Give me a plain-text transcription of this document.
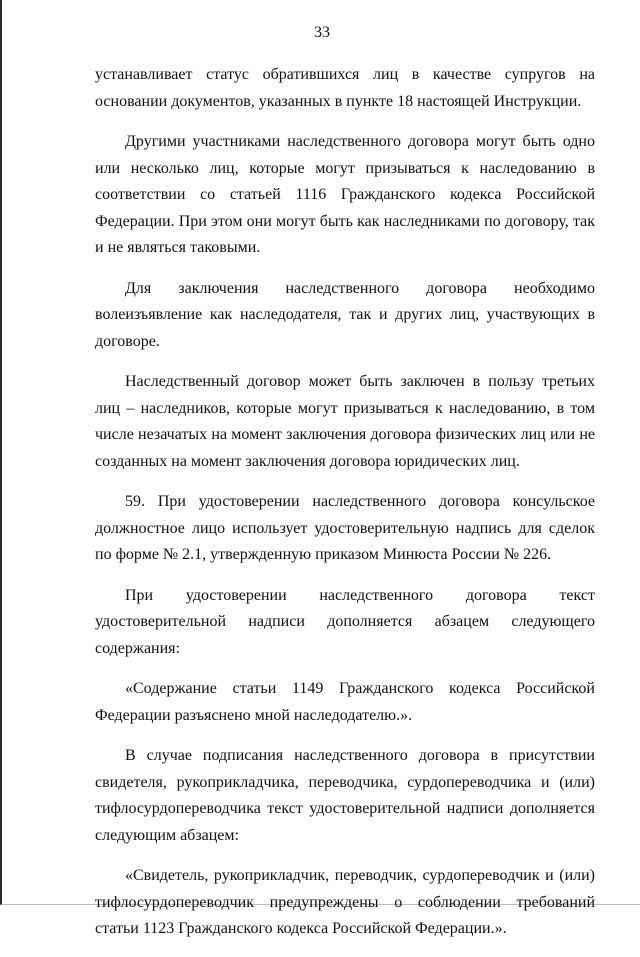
33

устанавливает статус обратившихся лиц в качестве супругов на основании документов, указанных в пункте 18 настоящей Инструкции.

Другими участниками наследственного договора могут быть одно или несколько лиц, которые могут призываться к наследованию в соответствии со статьей 1116 Гражданского кодекса Российской Федерации. При этом они могут быть как наследниками по договору, так и не являться таковыми.

Для заключения наследственного договора необходимо волеизъявление как наследодателя, так и других лиц, участвующих в договоре.

Наследственный договор может быть заключен в пользу третьих лиц – наследников, которые могут призываться к наследованию, в том числе незачатых на момент заключения договора физических лиц или не созданных на момент заключения договора юридических лиц.

59. При удостоверении наследственного договора консульское должностное лицо использует удостоверительную надпись для сделок по форме № 2.1, утвержденную приказом Минюста России № 226.

При удостоверении наследственного договора текст удостоверительной надписи дополняется абзацем следующего содержания:

«Содержание статьи 1149 Гражданского кодекса Российской Федерации разъяснено мной наследодателю.».

В случае подписания наследственного договора в присутствии свидетеля, рукоприкладчика, переводчика, сурдопереводчика и (или) тифлосурдопереводчика текст удостоверительной надписи дополняется следующим абзацем:

«Свидетель, рукоприкладчик, переводчик, сурдопереводчик и (или) тифлосурдопереводчик предупреждены о соблюдении требований статьи 1123 Гражданского кодекса Российской Федерации.».
